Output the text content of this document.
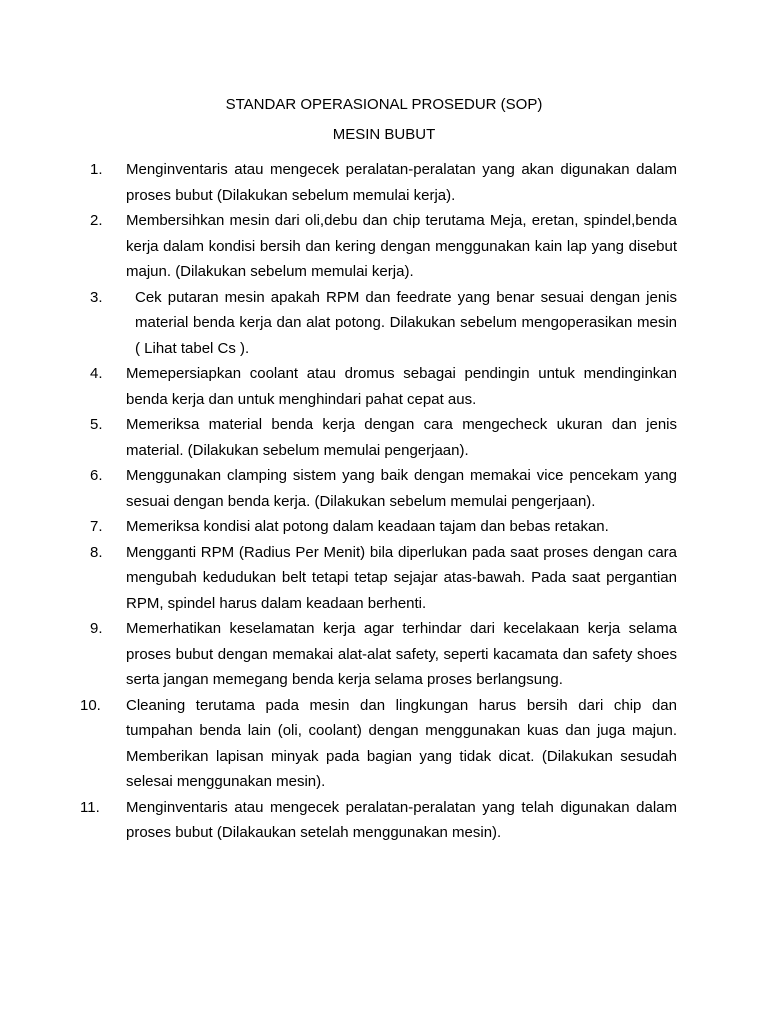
STANDAR OPERASIONAL PROSEDUR (SOP)
MESIN BUBUT
1. Menginventaris atau mengecek peralatan-peralatan yang akan digunakan dalam proses bubut (Dilakukan sebelum memulai kerja).
2. Membersihkan mesin dari oli,debu dan chip terutama Meja, eretan, spindel,benda kerja dalam kondisi bersih dan kering dengan menggunakan kain lap yang disebut majun. (Dilakukan sebelum memulai kerja).
3. Cek putaran mesin apakah RPM dan feedrate yang benar sesuai dengan jenis material benda kerja dan alat potong. Dilakukan sebelum mengoperasikan mesin ( Lihat tabel Cs ).
4. Memepersiapkan coolant atau dromus sebagai pendingin untuk mendinginkan benda kerja dan untuk menghindari pahat cepat aus.
5. Memeriksa material benda kerja dengan cara mengecheck ukuran dan jenis material. (Dilakukan sebelum memulai pengerjaan).
6. Menggunakan clamping sistem yang baik dengan memakai vice pencekam yang sesuai dengan benda kerja. (Dilakukan sebelum memulai pengerjaan).
7. Memeriksa kondisi alat potong dalam keadaan tajam dan bebas retakan.
8. Mengganti RPM (Radius Per Menit) bila diperlukan pada saat proses dengan cara mengubah kedudukan belt tetapi tetap sejajar atas-bawah. Pada saat pergantian RPM, spindel harus dalam keadaan berhenti.
9. Memerhatikan keselamatan kerja agar terhindar dari kecelakaan kerja selama proses bubut dengan memakai alat-alat safety, seperti kacamata dan safety shoes serta jangan memegang benda kerja selama proses berlangsung.
10. Cleaning terutama pada mesin dan lingkungan harus bersih dari chip dan tumpahan benda lain (oli, coolant) dengan menggunakan kuas dan juga majun. Memberikan lapisan minyak pada bagian yang tidak dicat. (Dilakukan sesudah selesai menggunakan mesin).
11. Menginventaris atau mengecek peralatan-peralatan yang telah digunakan dalam proses bubut (Dilakaukan setelah menggunakan mesin).
